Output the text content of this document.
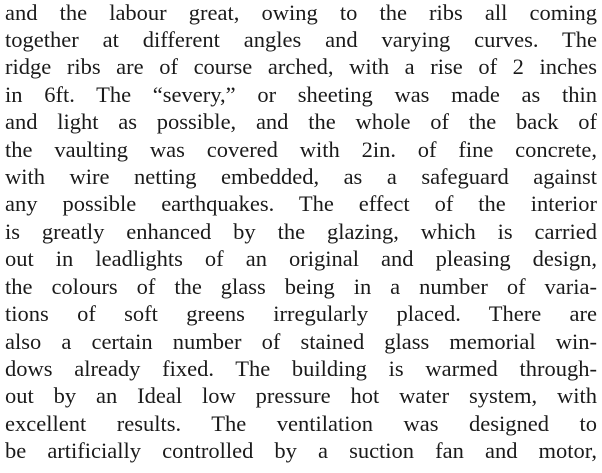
and the labour great, owing to the ribs all coming
together at different angles and varying curves. The
ridge ribs are of course arched, with a rise of 2 inches
in 6ft. The “severy,” or sheeting was made as thin
and light as possible, and the whole of the back of
the vaulting was covered with 2in. of fine concrete,
with wire netting embedded, as a safeguard against
any possible earthquakes. The effect of the interior
is greatly enhanced by the glazing, which is carried
out in leadlights of an original and pleasing design,
the colours of the glass being in a number of varia-
tions of soft greens irregularly placed. There are
also a certain number of stained glass memorial win-
dows already fixed. The building is warmed through-
out by an Ideal low pressure hot water system, with
excellent results. The ventilation was designed to
be artificially controlled by a suction fan and motor,
